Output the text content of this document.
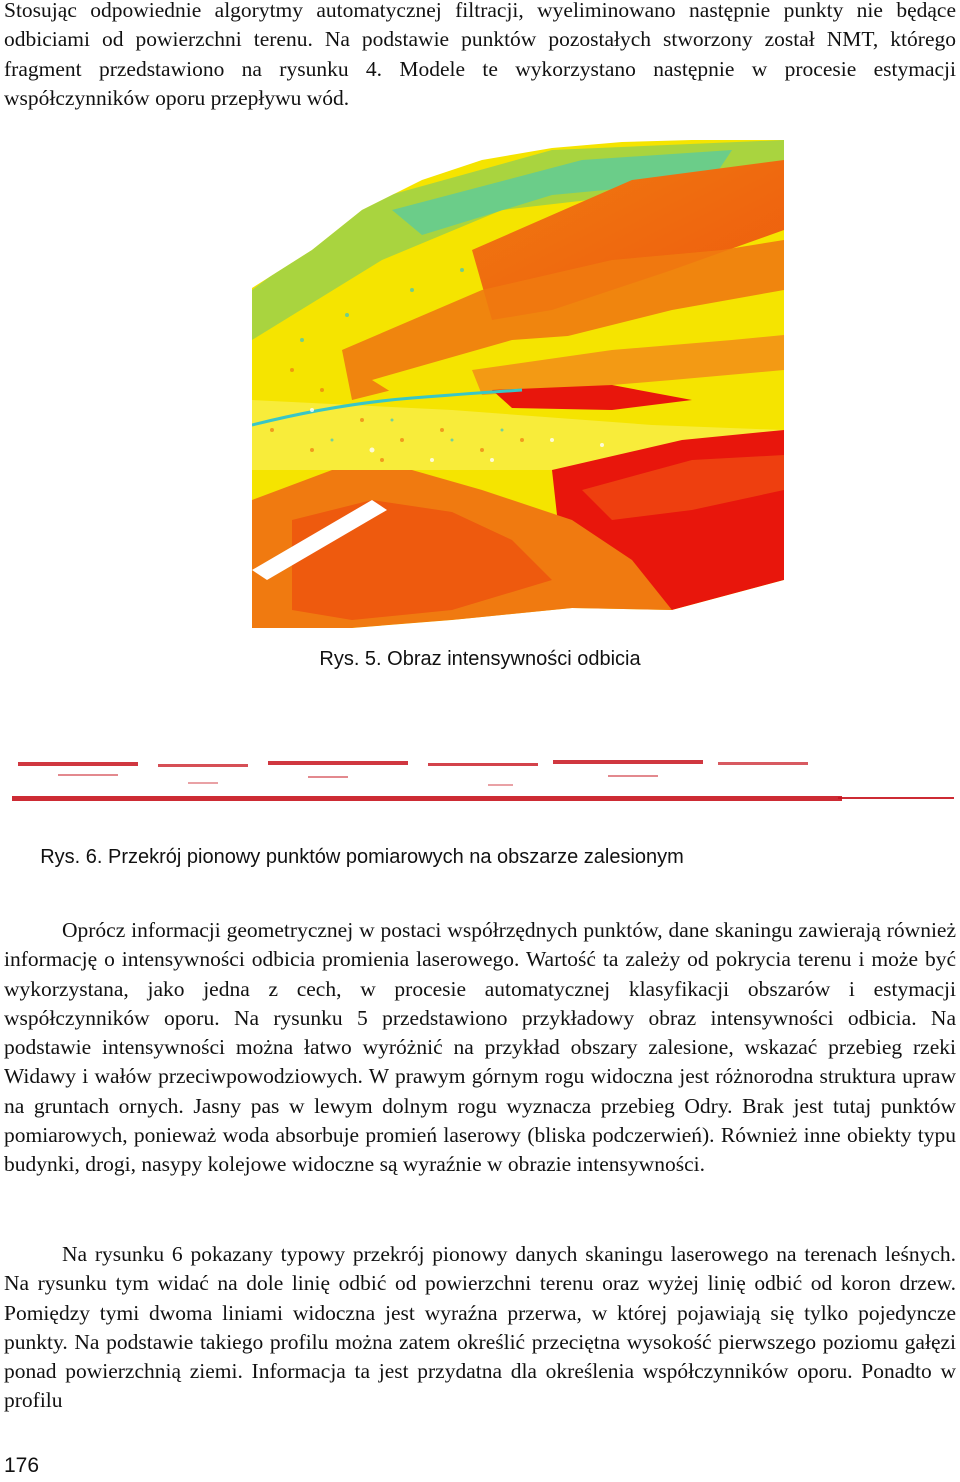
Stosując odpowiednie algorytmy automatycznej filtracji, wyeliminowano następnie punkty nie będące odbiciami od powierzchni terenu. Na podstawie punktów pozostałych stworzony został NMT, którego fragment przedstawiono na rysunku 4. Modele te wykorzystano następnie w procesie estymacji współczynników oporu przepływu wód.

Rys. 5. Obraz intensywności odbicia
Rys. 6. Przekrój pionowy punktów pomiarowych na obszarze zalesionym

Oprócz informacji geometrycznej w postaci współrzędnych punktów, dane skaningu zawierają również informację o intensywności odbicia promienia laserowego. Wartość ta zależy od pokrycia terenu i może być wykorzystana, jako jedna z cech, w procesie automatycznej klasyfikacji obszarów i estymacji współczynników oporu. Na rysunku 5 przedstawiono przykładowy obraz intensywności odbicia. Na podstawie intensywności można łatwo wyróżnić na przykład obszary zalesione, wskazać przebieg rzeki Widawy i wałów przeciwpowodziowych. W prawym górnym rogu widoczna jest różnorodna struktura upraw na gruntach ornych. Jasny pas w lewym dolnym rogu wyznacza przebieg Odry. Brak jest tutaj punktów pomiarowych, ponieważ woda absorbuje promień laserowy (bliska podczerwień). Również inne obiekty typu budynki, drogi, nasypy kolejowe widoczne są wyraźnie w obrazie intensywności.

Na rysunku 6 pokazany typowy przekrój pionowy danych skaningu laserowego na terenach leśnych. Na rysunku tym widać na dole linię odbić od powierzchni terenu oraz wyżej linię odbić od koron drzew. Pomiędzy tymi dwoma liniami widoczna jest wyraźna przerwa, w której pojawiają się tylko pojedyncze punkty. Na podstawie takiego profilu można zatem określić przeciętna wysokość pierwszego poziomu gałęzi ponad powierzchnią ziemi. Informacja ta jest przydatna dla określenia współczynników oporu. Ponadto w profilu

176
